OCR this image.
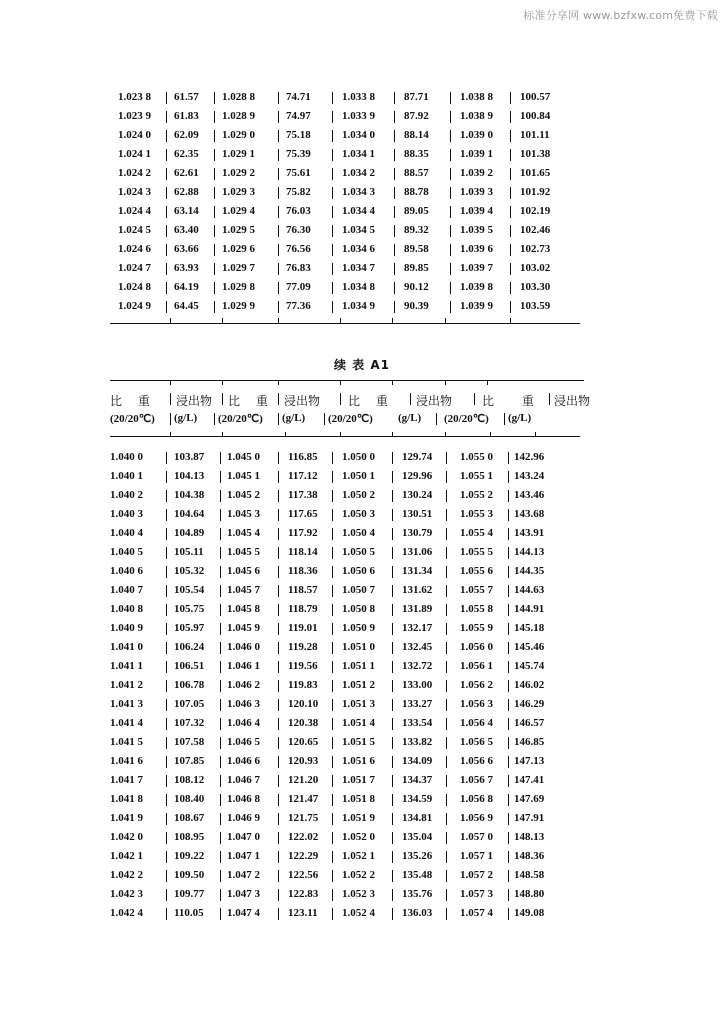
标准分享网 www.bzfxw.com免费下载
1.023 8 61.57 1.028 8	74.71	1.033 8	87.71	1.038 8 100.57
1.023 9 61.83 1.028 9	74.97	1.033 9	87.92	1.038 9 100.84
1.024 0 62.09 1.029 0	75.18	1.034 0	88.14	1.039 0 101.11
1.024 1 62.35 1.029 1	75.39	1.034 1	88.35	1.039 1 101.38
1.024 2 62.61 1.029 2	75.61	1.034 2	88.57	1.039 2 101.65
1.024 3 62.88 1.029 3	75.82	1.034 3	88.78	1.039 3 101.92
1.024 4 63.14 1.029 4	76.03	1.034 4	89.05	1.039 4 102.19
1.024 5 63.40 1.029 5	76.30	1.034 5	89.32	1.039 5 102.46
1.024 6 63.66 1.029 6	76.56	1.034 6	89.58	1.039 6 102.73
1.024 7 63.93 1.029 7	76.83	1.034 7	89.85	1.039 7 103.02
1.024 8 64.19 1.029 8	77.09	1.034 8	90.12	1.039 8 103.30
1.024 9 64.45 1.029 9	77.36	1.034 9	90.39	1.039 9 103.59
续 表 A1
比　 重 浸出物 比　 重 浸出物 比　 重 浸出物 比　　 重 浸出物
(20/20℃) (g/L) (20/20℃) (g/L) (20/20℃) (g/L) (20/20℃) (g/L)
1.040 0	103.87 1.045 0	116.85 1.050 0 129.74	1.055 0 142.96
1.040 1	104.13 1.045 1	117.12 1.050 1 129.96	1.055 1 143.24
1.040 2	104.38 1.045 2	117.38 1.050 2 130.24	1.055 2 143.46
1.040 3	104.64 1.045 3	117.65 1.050 3 130.51	1.055 3 143.68
1.040 4	104.89 1.045 4	117.92 1.050 4 130.79	1.055 4 143.91
1.040 5	105.11 1.045 5	118.14 1.050 5 131.06	1.055 5 144.13
1.040 6	105.32 1.045 6	118.36 1.050 6 131.34	1.055 6 144.35
1.040 7	105.54 1.045 7	118.57 1.050 7 131.62	1.055 7 144.63
1.040 8	105.75 1.045 8	118.79 1.050 8 131.89	1.055 8 144.91
1.040 9	105.97 1.045 9	119.01 1.050 9 132.17	1.055 9 145.18
1.041 0	106.24 1.046 0	119.28 1.051 0 132.45	1.056 0 145.46
1.041 1	106.51 1.046 1	119.56 1.051 1 132.72	1.056 1 145.74
1.041 2	106.78 1.046 2	119.83 1.051 2 133.00	1.056 2 146.02
1.041 3	107.05 1.046 3	120.10 1.051 3 133.27	1.056 3 146.29
1.041 4	107.32 1.046 4	120.38 1.051 4 133.54	1.056 4 146.57
1.041 5	107.58 1.046 5	120.65 1.051 5 133.82	1.056 5 146.85
1.041 6	107.85 1.046 6	120.93 1.051 6 134.09	1.056 6 147.13
1.041 7	108.12 1.046 7	121.20 1.051 7 134.37	1.056 7 147.41
1.041 8	108.40 1.046 8	121.47 1.051 8 134.59	1.056 8 147.69
1.041 9	108.67 1.046 9	121.75 1.051 9 134.81	1.056 9 147.91
1.042 0	108.95 1.047 0	122.02 1.052 0 135.04	1.057 0 148.13
1.042 1	109.22 1.047 1	122.29 1.052 1 135.26	1.057 1 148.36
1.042 2	109.50 1.047 2	122.56 1.052 2 135.48	1.057 2 148.58
1.042 3	109.77 1.047 3	122.83 1.052 3 135.76	1.057 3 148.80
1.042 4	110.05 1.047 4	123.11 1.052 4 136.03	1.057 4 149.08
